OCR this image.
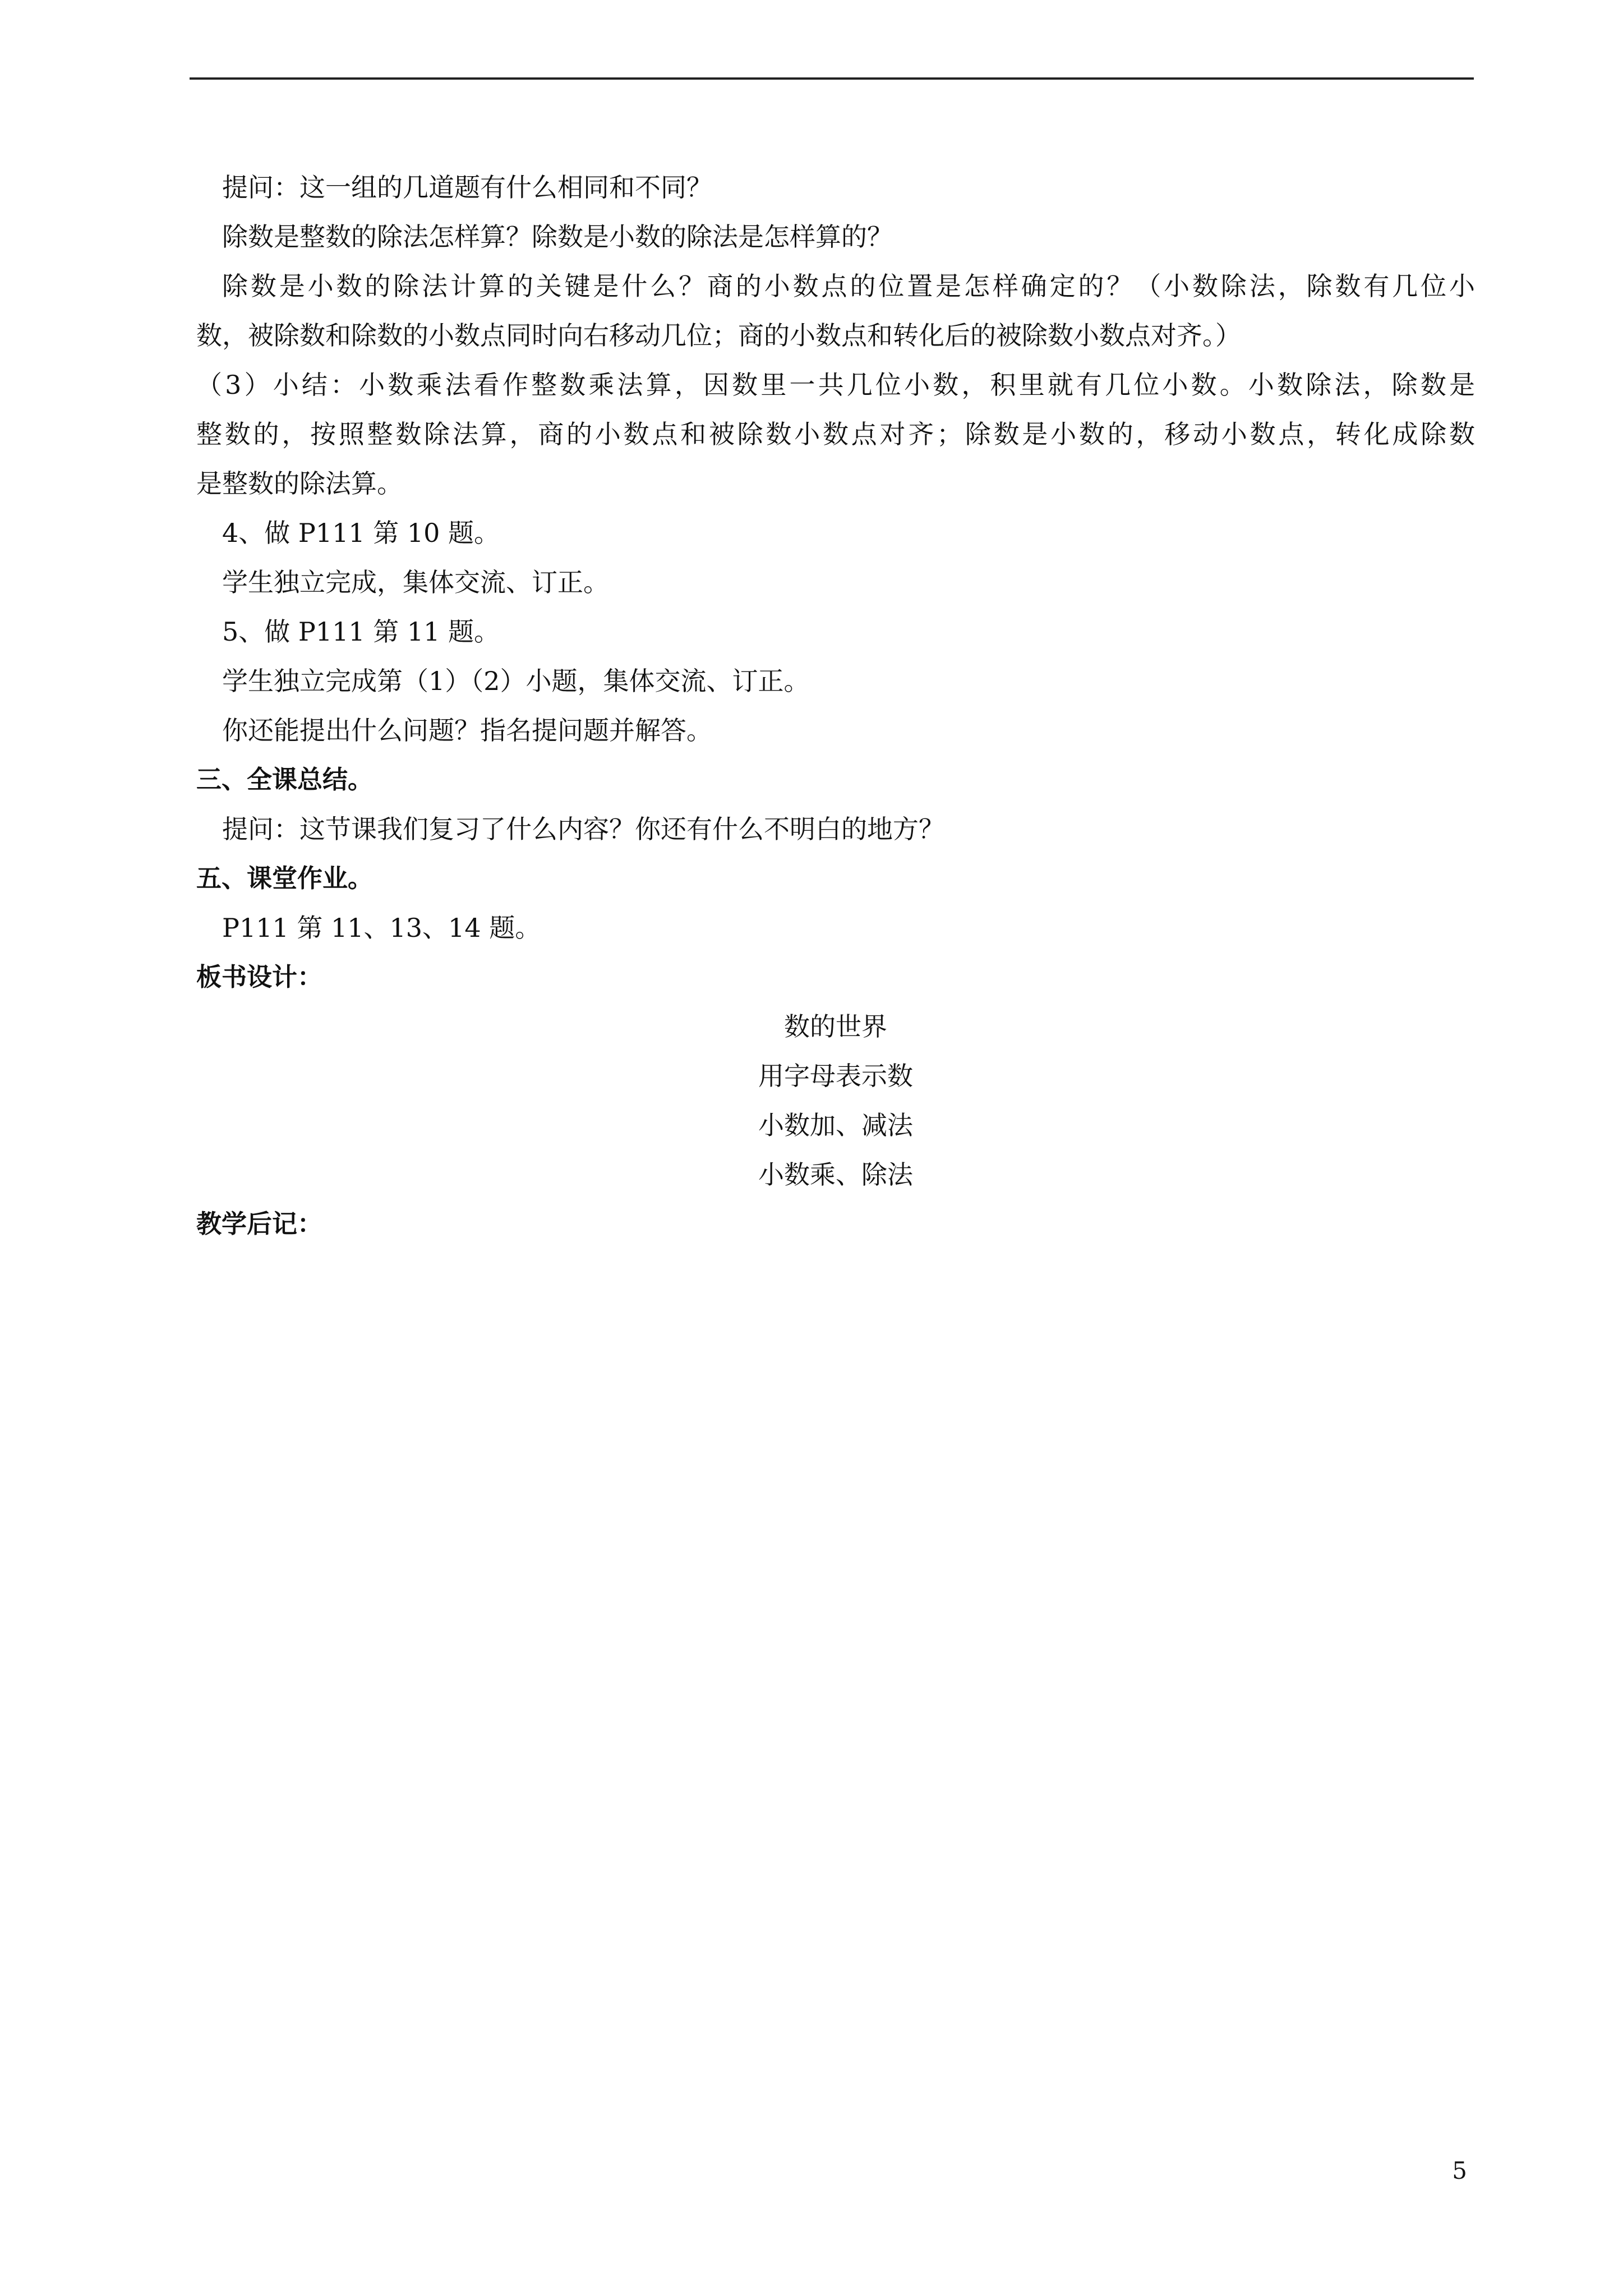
提问：这一组的几道题有什么相同和不同？
除数是整数的除法怎样算？除数是小数的除法是怎样算的？
除数是小数的除法计算的关键是什么？商的小数点的位置是怎样确定的？（小数除法，除数有几位小
数，被除数和除数的小数点同时向右移动几位；商的小数点和转化后的被除数小数点对齐。）
（3）小结：小数乘法看作整数乘法算，因数里一共几位小数，积里就有几位小数。小数除法，除数是
整数的，按照整数除法算，商的小数点和被除数小数点对齐；除数是小数的，移动小数点，转化成除数
是整数的除法算。
4、做 P111 第 10 题。
学生独立完成，集体交流、订正。
5、做 P111 第 11 题。
学生独立完成第（1）（2）小题，集体交流、订正。
你还能提出什么问题？指名提问题并解答。
三、全课总结。
提问：这节课我们复习了什么内容？你还有什么不明白的地方？
五、课堂作业。
P111 第 11、13、14 题。
板书设计：
数的世界
用字母表示数
小数加、减法
小数乘、除法
教学后记：
5
